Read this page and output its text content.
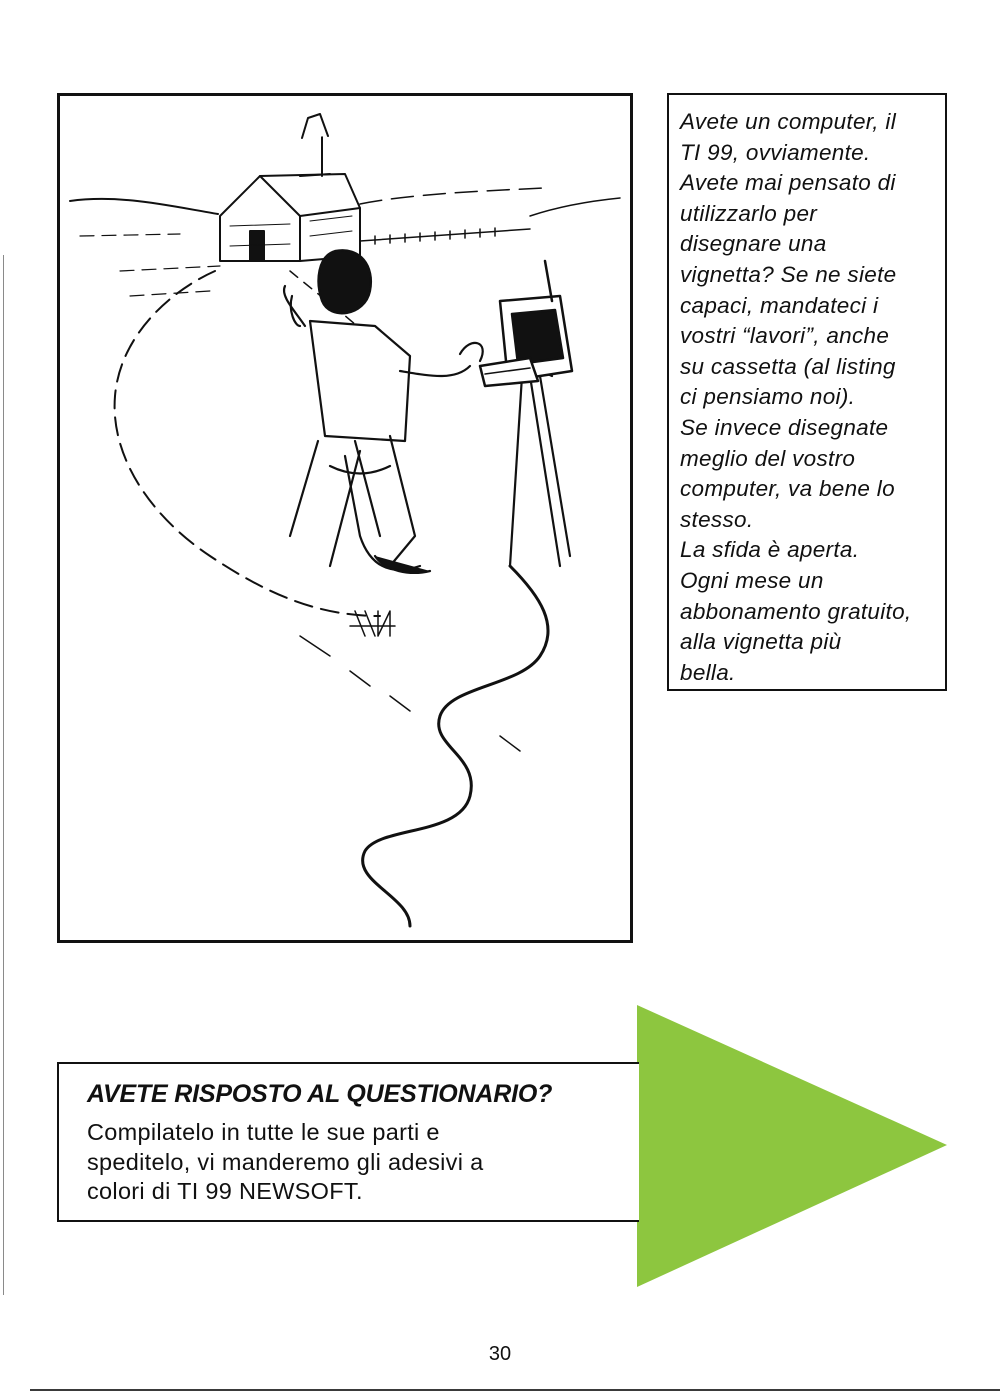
Avete un computer, il
TI 99, ovviamente.
Avete mai pensato di
utilizzarlo per
disegnare una
vignetta? Se ne siete
capaci, mandateci i
vostri “lavori”, anche
su cassetta (al listing
ci pensiamo noi).
Se invece disegnate
meglio del vostro
computer, va bene lo
stesso.
La sfida è aperta.
Ogni mese un
abbonamento gratuito,
alla vignetta più
bella.

AVETE RISPOSTO AL QUESTIONARIO?

Compilatelo in tutte le sue parti e
speditelo, vi manderemo gli adesivi a
colori di TI 99 NEWSOFT.

30
